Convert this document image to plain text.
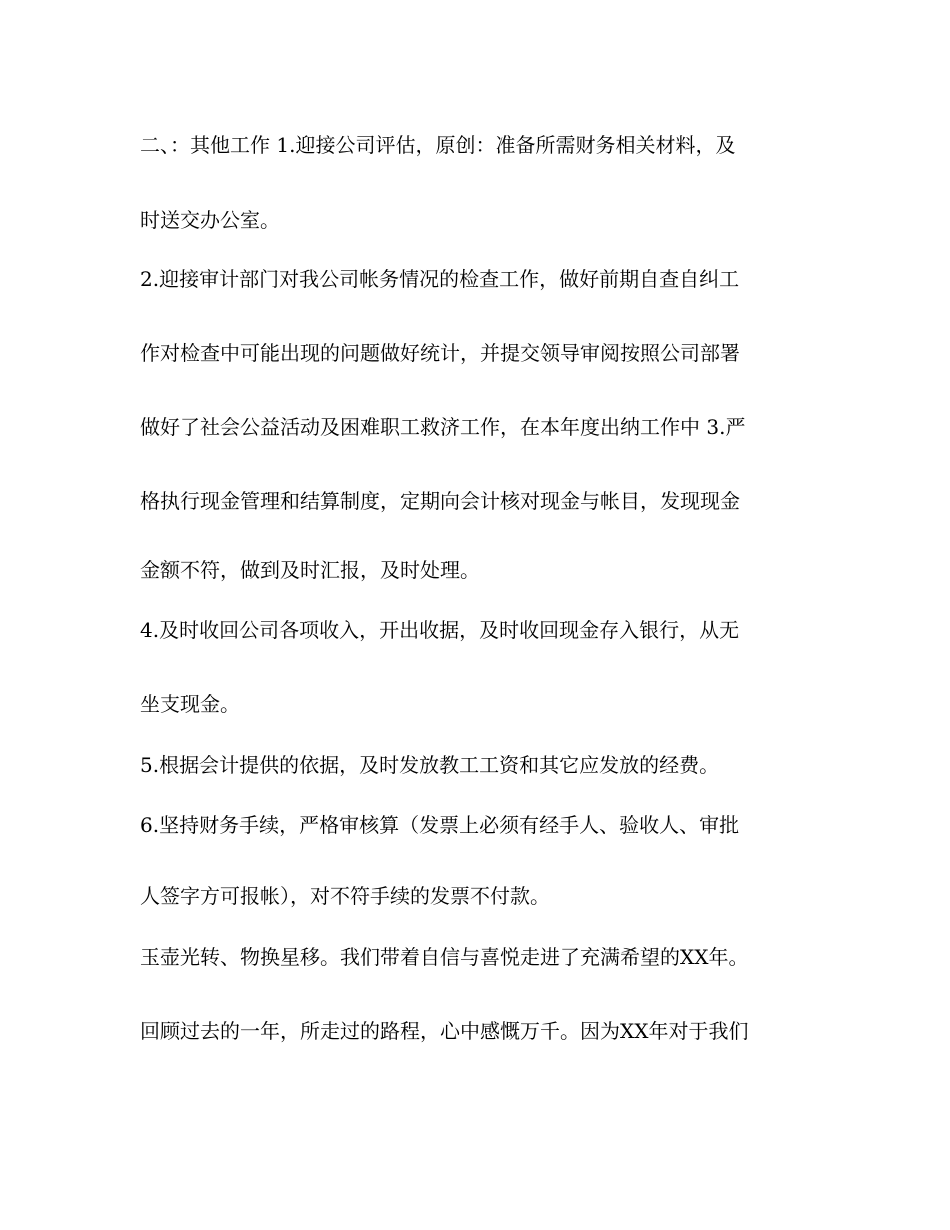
二、：其他工作 1.迎接公司评估，原创：准备所需财务相关材料，及
时送交办公室。
2.迎接审计部门对我公司帐务情况的检查工作，做好前期自查自纠工
作对检查中可能出现的问题做好统计，并提交领导审阅按照公司部署
做好了社会公益活动及困难职工救济工作，在本年度出纳工作中 3.严
格执行现金管理和结算制度，定期向会计核对现金与帐目，发现现金
金额不符，做到及时汇报，及时处理。
4.及时收回公司各项收入，开出收据，及时收回现金存入银行，从无
坐支现金。
5.根据会计提供的依据，及时发放教工工资和其它应发放的经费。
6.坚持财务手续，严格审核算（发票上必须有经手人、验收人、审批
人签字方可报帐），对不符手续的发票不付款。
玉壶光转、物换星移。我们带着自信与喜悦走进了充满希望的XX年。
回顾过去的一年，所走过的路程，心中感慨万千。因为XX年对于我们
